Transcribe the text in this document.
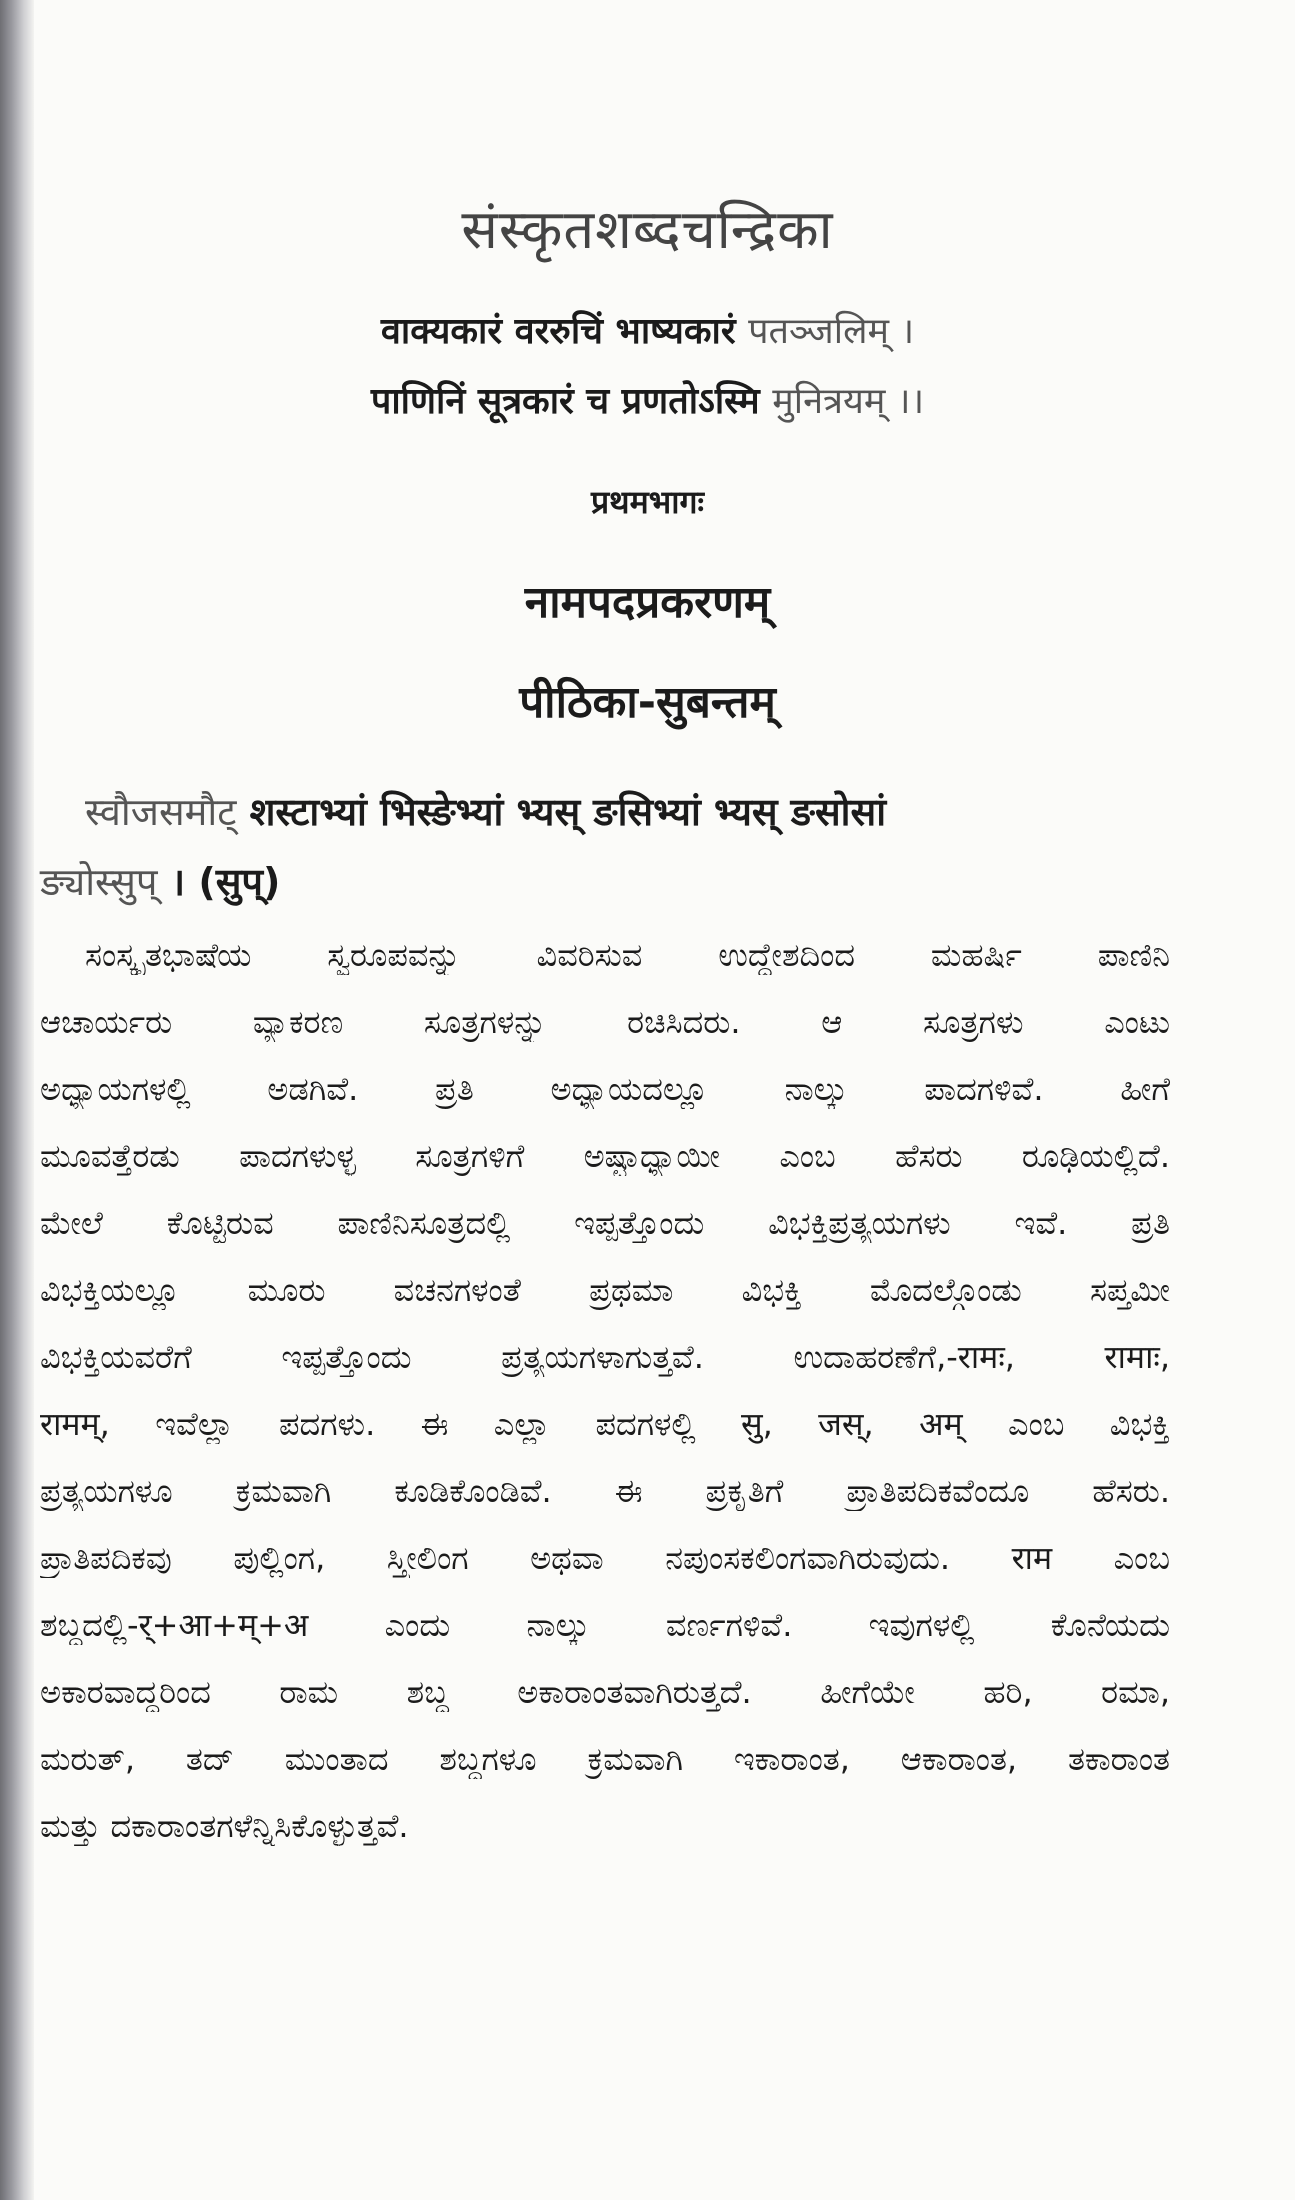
संस्कृतशब्दचन्द्रिका
वाक्यकारं वररुचिं भाष्यकारं पतञ्जलिम् ।
पाणिनिं सूत्रकारं च प्रणतोऽस्मि मुनित्रयम् ।।
प्रथमभागः
नामपदप्रकरणम्
पीठिका-सुबन्तम्
स्वौजसमौट् शस्टाभ्यां भिस्ङेभ्यां भ्यस् ङसिभ्यां भ्यस् ङसोसां
ङ्योस्सुप् । (सुप्)
ಸಂಸ್ಕೃತಭಾಷೆಯ ಸ್ವರೂಪವನ್ನು ವಿವರಿಸುವ ಉದ್ದೇಶದಿಂದ ಮಹರ್ಷಿ ಪಾಣಿನಿ
ಆಚಾರ್ಯರು ವ್ಯಾಕರಣ ಸೂತ್ರಗಳನ್ನು ರಚಿಸಿದರು. ಆ ಸೂತ್ರಗಳು ಎಂಟು
ಅಧ್ಯಾಯಗಳಲ್ಲಿ ಅಡಗಿವೆ. ಪ್ರತಿ ಅಧ್ಯಾಯದಲ್ಲೂ ನಾಲ್ಕು ಪಾದಗಳಿವೆ. ಹೀಗೆ
ಮೂವತ್ತೆರಡು ಪಾದಗಳುಳ್ಳ ಸೂತ್ರಗಳಿಗೆ ಅಷ್ಟಾಧ್ಯಾಯೀ ಎಂಬ ಹೆಸರು ರೂಢಿಯಲ್ಲಿದೆ.
ಮೇಲೆ ಕೊಟ್ಟಿರುವ ಪಾಣಿನಿಸೂತ್ರದಲ್ಲಿ ಇಪ್ಪತ್ತೊಂದು ವಿಭಕ್ತಿಪ್ರತ್ಯಯಗಳು ಇವೆ. ಪ್ರತಿ
ವಿಭಕ್ತಿಯಲ್ಲೂ ಮೂರು ವಚನಗಳಂತೆ ಪ್ರಥಮಾ ವಿಭಕ್ತಿ ಮೊದಲ್ಗೊಂಡು ಸಪ್ತಮೀ
ವಿಭಕ್ತಿಯವರೆಗೆ ಇಪ್ಪತ್ತೊಂದು ಪ್ರತ್ಯಯಗಳಾಗುತ್ತವೆ. ಉದಾಹರಣೆಗೆ,-रामः, रामाः,
रामम्, ಇವೆಲ್ಲಾ ಪದಗಳು. ಈ ಎಲ್ಲಾ ಪದಗಳಲ್ಲಿ सु, जस्, अम् ಎಂಬ ವಿಭಕ್ತಿ
ಪ್ರತ್ಯಯಗಳೂ ಕ್ರಮವಾಗಿ ಕೂಡಿಕೊಂಡಿವೆ. ಈ ಪ್ರಕೃತಿಗೆ ಪ್ರಾತಿಪದಿಕವೆಂದೂ ಹೆಸರು.
ಪ್ರಾತಿಪದಿಕವು ಪುಲ್ಲಿಂಗ, ಸ್ತ್ರೀಲಿಂಗ ಅಥವಾ ನಪುಂಸಕಲಿಂಗವಾಗಿರುವುದು. राम ಎಂಬ
ಶಬ್ದದಲ್ಲಿ-र्+आ+म्+अ ಎಂದು ನಾಲ್ಕು ವರ್ಣಗಳಿವೆ. ಇವುಗಳಲ್ಲಿ ಕೊನೆಯದು
ಅಕಾರವಾದ್ದರಿಂದ ರಾಮ ಶಬ್ದ ಅಕಾರಾಂತವಾಗಿರುತ್ತದೆ. ಹೀಗೆಯೇ ಹರಿ, ರಮಾ,
ಮರುತ್, ತದ್ ಮುಂತಾದ ಶಬ್ದಗಳೂ ಕ್ರಮವಾಗಿ ಇಕಾರಾಂತ, ಆಕಾರಾಂತ, ತಕಾರಾಂತ
ಮತ್ತು ದಕಾರಾಂತಗಳೆನ್ನಿಸಿಕೊಳ್ಳುತ್ತವೆ.
